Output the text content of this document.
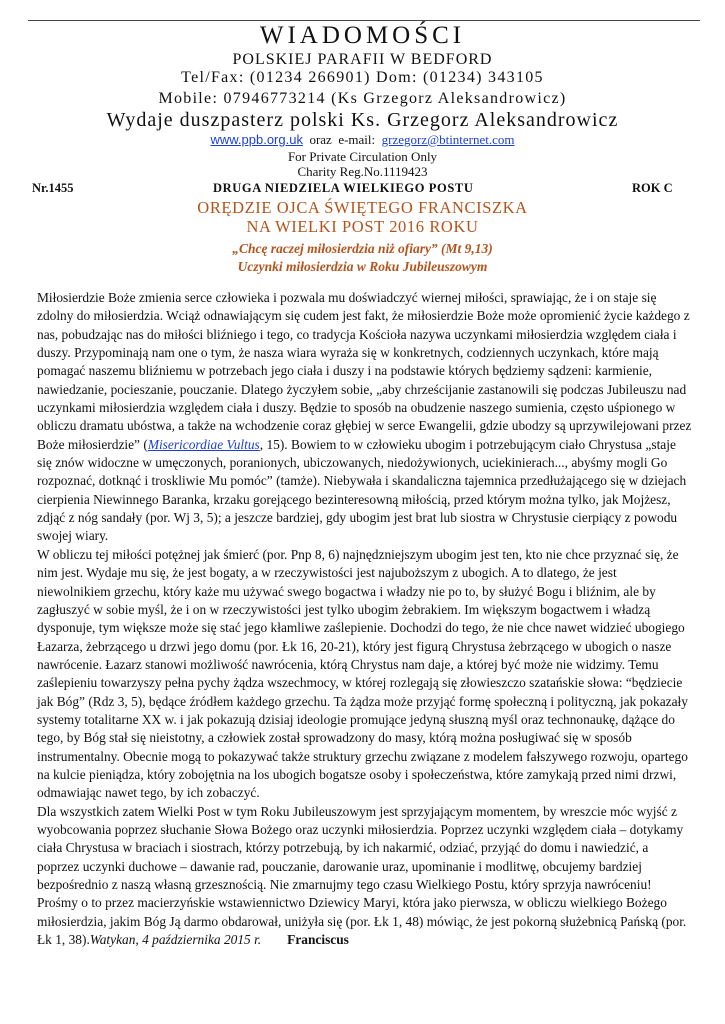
WIADOMOŚCI
POLSKIEJ PARAFII W BEDFORD
Tel/Fax: (01234 266901) Dom: (01234) 343105
Mobile: 07946773214 (Ks Grzegorz Aleksandrowicz)
Wydaje duszpasterz polski Ks. Grzegorz Aleksandrowicz
www.ppb.org.uk  oraz  e-mail:  grzegorz@btinternet.com
For Private Circulation Only
Charity Reg.No.1119423
Nr.1455	DRUGA NIEDZIELA WIELKIEGO POSTU	ROK C
ORĘDZIE OJCA ŚWIĘTEGO FRANCISZKA
NA WIELKI POST 2016 ROKU
„Chcę raczej miłosierdzia niż ofiary” (Mt 9,13)
Uczynki miłosierdzia w Roku Jubileuszowym

Miłosierdzie Boże zmienia serce człowieka i pozwala mu doświadczyć wiernej miłości, sprawiając, że i on staje się zdolny do miłosierdzia. Wciąż odnawiającym się cudem jest fakt, że miłosierdzie Boże może opromienić życie każdego z nas, pobudzając nas do miłości bliźniego i tego, co tradycja Kościoła nazywa uczynkami miłosierdzia względem ciała i duszy. Przypominają nam one o tym, że nasza wiara wyraża się w konkretnych, codziennych uczynkach, które mają pomagać naszemu bliźniemu w potrzebach jego ciała i duszy i na podstawie których będziemy sądzeni: karmienie, nawiedzanie, pocieszanie, pouczanie. Dlatego życzyłem sobie, „aby chrześcijanie zastanowili się podczas Jubileuszu nad uczynkami miłosierdzia względem ciała i duszy. Będzie to sposób na obudzenie naszego sumienia, często uśpionego w obliczu dramatu ubóstwa, a także na wchodzenie coraz głębiej w serce Ewangelii, gdzie ubodzy są uprzywilejowani przez Boże miłosierdzie” (Misericordiae Vultus, 15). Bowiem to w człowieku ubogim i potrzebującym ciało Chrystusa „staje się znów widoczne w umęczonych, poranionych, ubiczowanych, niedożywionych, uciekinierach..., abyśmy mogli Go rozpoznać, dotknąć i troskliwie Mu pomóc” (tamże). Niebywała i skandaliczna tajemnica przedłużającego się w dziejach cierpienia Niewinnego Baranka, krzaku gorejącego bezinteresowną miłością, przed którym można tylko, jak Mojżesz, zdjąć z nóg sandały (por. Wj 3, 5); a jeszcze bardziej, gdy ubogim jest brat lub siostra w Chrystusie cierpiący z powodu swojej wiary.

W obliczu tej miłości potężnej jak śmierć (por. Pnp 8, 6) najnędzniejszym ubogim jest ten, kto nie chce przyznać się, że nim jest. Wydaje mu się, że jest bogaty, a w rzeczywistości jest najuboższym z ubogich. A to dlatego, że jest niewolnikiem grzechu, który każe mu używać swego bogactwa i władzy nie po to, by służyć Bogu i bliźnim, ale by zagłuszyć w sobie myśl, że i on w rzeczywistości jest tylko ubogim żebrakiem. Im większym bogactwem i władzą dysponuje, tym większe może się stać jego kłamliwe zaślepienie. Dochodzi do tego, że nie chce nawet widzieć ubogiego Łazarza, żebrzącego u drzwi jego domu (por. Łk 16, 20-21), który jest figurą Chrystusa żebrzącego w ubogich o nasze nawrócenie. Łazarz stanowi możliwość nawrócenia, którą Chrystus nam daje, a której być może nie widzimy. Temu zaślepieniu towarzyszy pełna pychy żądza wszechmocy, w której rozlegają się złowieszczo szatańskie słowa: “będziecie jak Bóg” (Rdz 3, 5), będące źródłem każdego grzechu. Ta żądza może przyjąć formę społeczną i polityczną, jak pokazały systemy totalitarne XX w. i jak pokazują dzisiaj ideologie promujące jedyną słuszną myśl oraz technonaukę, dążące do tego, by Bóg stał się nieistotny, a człowiek został sprowadzony do masy, którą można posługiwać się w sposób instrumentalny. Obecnie mogą to pokazywać także struktury grzechu związane z modelem fałszywego rozwoju, opartego na kulcie pieniądza, który zobojętnia na los ubogich bogatsze osoby i społeczeństwa, które zamykają przed nimi drzwi, odmawiając nawet tego, by ich zobaczyć.

Dla wszystkich zatem Wielki Post w tym Roku Jubileuszowym jest sprzyjającym momentem, by wreszcie móc wyjść z wyobcowania poprzez słuchanie Słowa Bożego oraz uczynki miłosierdzia. Poprzez uczynki względem ciała – dotykamy ciała Chrystusa w braciach i siostrach, którzy potrzebują, by ich nakarmić, odziać, przyjąć do domu i nawiedzić, a poprzez uczynki duchowe – dawanie rad, pouczanie, darowanie uraz, upominanie i modlitwę, obcujemy bardziej bezpośrednio z naszą własną grzesznością. Nie zmarnujmy tego czasu Wielkiego Postu, który sprzyja nawróceniu! Prośmy o to przez macierzyńskie wstawiennictwo Dziewicy Maryi, która jako pierwsza, w obliczu wielkiego Bożego miłosierdzia, jakim Bóg Ją darmo obdarował, uniżyła się (por. Łk 1, 48) mówiąc, że jest pokorną służebnicą Pańską (por. Łk 1, 38).Watykan, 4 października 2015 r. Franciscus
